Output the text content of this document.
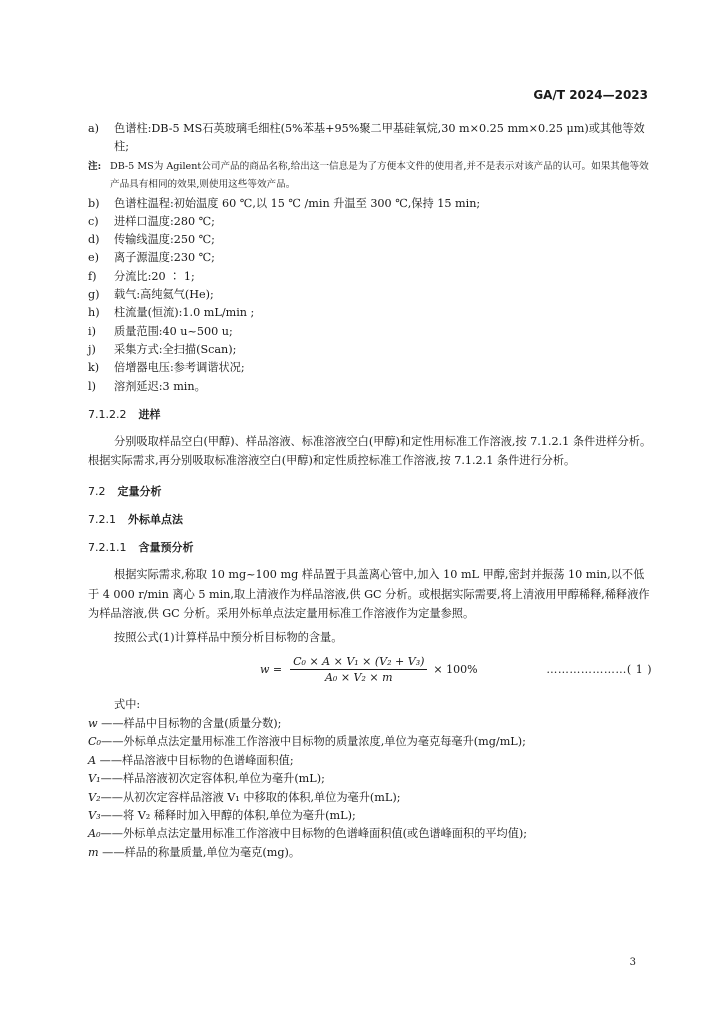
GA/T 2024—2023
a) 色谱柱:DB-5 MS石英玻璃毛细柱(5%苯基+95%聚二甲基硅氧烷,30 m×0.25 mm×0.25 μm)或其他等效柱;
注: DB-5 MS为 Agilent公司产品的商品名称,给出这一信息是为了方便本文件的使用者,并不是表示对该产品的认可。如果其他等效产品具有相同的效果,则使用这些等效产品。
b) 色谱柱温程:初始温度 60 ℃,以 15 ℃ /min 升温至 300 ℃,保持 15 min;
c) 进样口温度:280 ℃;
d) 传输线温度:250 ℃;
e) 离子源温度:230 ℃;
f) 分流比:20 ∶ 1;
g) 载气:高纯氦气(He);
h) 柱流量(恒流):1.0 mL/min ;
i) 质量范围:40 u~500 u;
j) 采集方式:全扫描(Scan);
k) 倍增器电压:参考调谐状况;
l) 溶剂延迟:3 min。
7.1.2.2 进样
分别吸取样品空白(甲醇)、样品溶液、标准溶液空白(甲醇)和定性用标准工作溶液,按 7.1.2.1 条件进样分析。根据实际需求,再分别吸取标准溶液空白(甲醇)和定性质控标准工作溶液,按 7.1.2.1 条件进行分析。
7.2 定量分析
7.2.1 外标单点法
7.2.1.1 含量预分析
根据实际需求,称取 10 mg~100 mg 样品置于具盖离心管中,加入 10 mL 甲醇,密封并振荡 10 min,以不低于 4 000 r/min 离心 5 min,取上清液作为样品溶液,供 GC 分析。或根据实际需要,将上清液用甲醇稀释,稀释液作为样品溶液,供 GC 分析。采用外标单点法定量用标准工作溶液作为定量参照。
按照公式(1)计算样品中预分析目标物的含量。
$w = \frac{\text{C₀ × A × V₁ × (V₂ + V₃)}}{\text{A₀ × V₂ × m}} \times 100\%$	…………………( 1 )
式中:
w ——样品中目标物的含量(质量分数);
C₀——外标单点法定量用标准工作溶液中目标物的质量浓度,单位为毫克每毫升(mg/mL);
A ——样品溶液中目标物的色谱峰面积值;
V₁——样品溶液初次定容体积,单位为毫升(mL);
V₂——从初次定容样品溶液 V₁ 中移取的体积,单位为毫升(mL);
V₃——将 V₂ 稀释时加入甲醇的体积,单位为毫升(mL);
A₀——外标单点法定量用标准工作溶液中目标物的色谱峰面积值(或色谱峰面积的平均值);
m ——样品的称量质量,单位为毫克(mg)。
3
